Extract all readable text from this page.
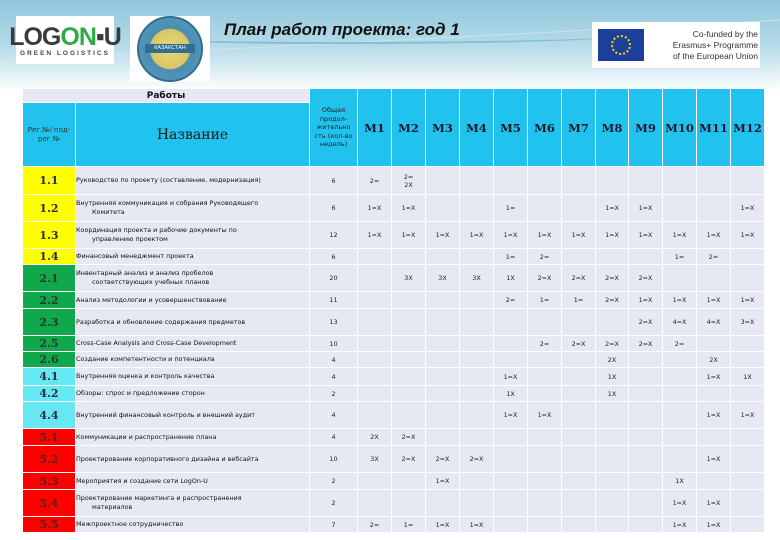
LOGON▪U
GREEN LOGISTICS
КАЗАКСТАН
План работ проекта: год 1	Co-funded by the
Erasmus+ Programme
of the European Union
Работы		Общая продол-жительно сть (кол-во недель)	M1	M2	M3	M4	M5	M6	M7	M8	M9	M10	M11	M12
Рег.№/ под-рег №	Название													
1.1	Руководство по проекту (составление, модернизация)	6	2=	2=
2X										
1.2	Внутренняя коммуникация и собрания Руководящего
Комитета	6	1=X	1=X			1=			1=X	1=X			1=X
1.3	Координация проекта и рабочие документы по
управлению проектом	12	1=X	1=X	1=X	1=X	1=X	1=X	1=X	1=X	1=X	1=X	1=X	1=X
1.4	Финансовый менеджмент проекта	6					1=	2=				1=	2=	
2.1	Инвентарный анализ и анализ пробелов
соответствующих учебных планов	20		3X	3X	3X	1X	2=X	2=X	2=X	2=X			
2.2	Анализ методологии и усовершенствование	11					2=	1=	1=	2=X	1=X	1=X	1=X	1=X
2.3	Разработка и обновление содержания предметов	13									2=X	4=X	4=X	3=X
2.5	Cross-Case Analysis and Cross-Case Development	10						2=	2=X	2=X	2=X	2=		
2.6	Создание компетентности и потенциала	4								2X			2X	
4.1	Внутренняя оценка и контроль качества	4					1=X			1X			1=X	1X
4.2	Обзоры: спрос и предложение сторон	2					1X			1X				
4.4	Внутренний финансовый контроль и внешний аудит	4					1=X	1=X					1=X	1=X
5.1	Коммуникации и распространение плана	4	2X	2=X										
5.2	Проектирование корпоративного дизайна и вебсайта	10	3X	2=X	2=X	2=X							1=X	
5.3	Мероприятия и создание сети LogOn-U	2			1=X							1X		
5.4	Проектирование маркетинга и распространения
материалов	2										1=X	1=X	
5.5	Межпроектное сотрудничество	7	2=	1=	1=X	1=X						1=X	1=X	
